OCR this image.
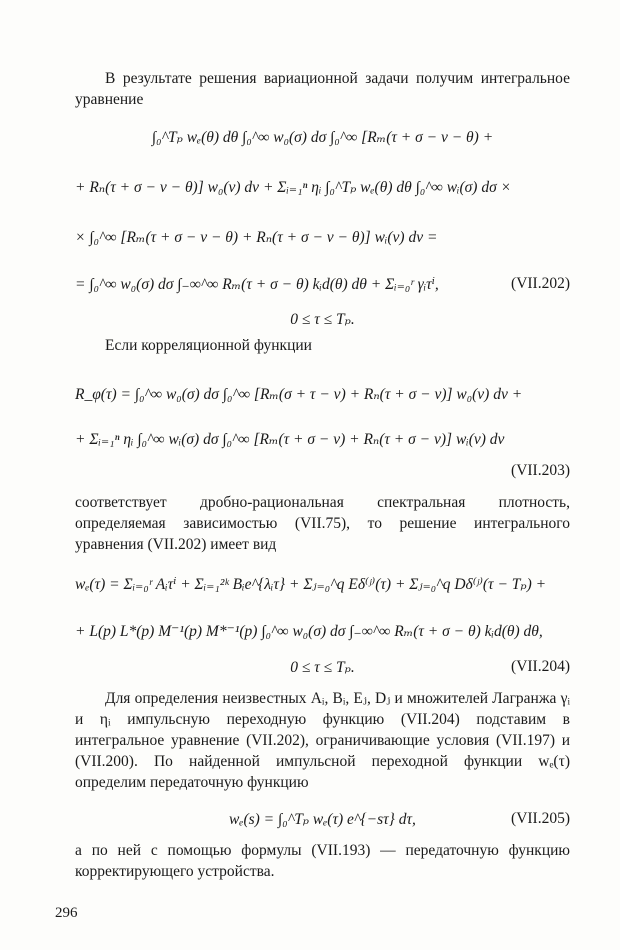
В результате решения вариационной задачи получим интегральное уравнение
∫₀^Tₚ wₑ(θ) dθ ∫₀^∞ w₀(σ) dσ ∫₀^∞ [Rₘ(τ + σ − ν − θ) +
+ Rₙ(τ + σ − ν − θ)] w₀(ν) dν + Σᵢ₌₁ⁿ ηᵢ ∫₀^Tₚ wₑ(θ) dθ ∫₀^∞ wᵢ(σ) dσ ×
× ∫₀^∞ [Rₘ(τ + σ − ν − θ) + Rₙ(τ + σ − ν − θ)] wᵢ(ν) dν =
= ∫₀^∞ w₀(σ) dσ ∫₋∞^∞ Rₘ(τ + σ − θ) kᵢd(θ) dθ + Σᵢ₌₀ʳ γᵢτⁱ,	(VII.202)
0 ≤ τ ≤ Tₚ.
Если корреляционной функции
R_φ(τ) = ∫₀^∞ w₀(σ) dσ ∫₀^∞ [Rₘ(σ + τ − ν) + Rₙ(τ + σ − ν)] w₀(ν) dν +
+ Σᵢ₌₁ⁿ ηᵢ ∫₀^∞ wᵢ(σ) dσ ∫₀^∞ [Rₘ(τ + σ − ν) + Rₙ(τ + σ − ν)] wᵢ(ν) dν
(VII.203)
соответствует дробно-рациональная спектральная плотность, определяемая зависимостью (VII.75), то решение интегрального уравнения (VII.202) имеет вид
wₑ(τ) = Σᵢ₌₀ʳ Aᵢτⁱ + Σᵢ₌₁²ᵏ Bᵢe^{λᵢτ} + Σⱼ₌₀^q Eδ⁽ʲ⁾(τ) + Σⱼ₌₀^q Dδ⁽ʲ⁾(τ − Tₚ) +
+ L(p) L*(p) M⁻¹(p) M*⁻¹(p) ∫₀^∞ w₀(σ) dσ ∫₋∞^∞ Rₘ(τ + σ − θ) kᵢd(θ) dθ,
0 ≤ τ ≤ Tₚ.	(VII.204)
Для определения неизвестных Aᵢ, Bᵢ, Eⱼ, Dⱼ и множителей Лагранжа γᵢ и ηᵢ импульсную переходную функцию (VII.204) подставим в интегральное уравнение (VII.202), ограничивающие условия (VII.197) и (VII.200). По найденной импульсной переходной функции wₑ(τ) определим передаточную функцию
wₑ(s) = ∫₀^Tₚ wₑ(τ) e^{−sτ} dτ,	(VII.205)
а по ней с помощью формулы (VII.193) — передаточную функцию корректирующего устройства.
296
